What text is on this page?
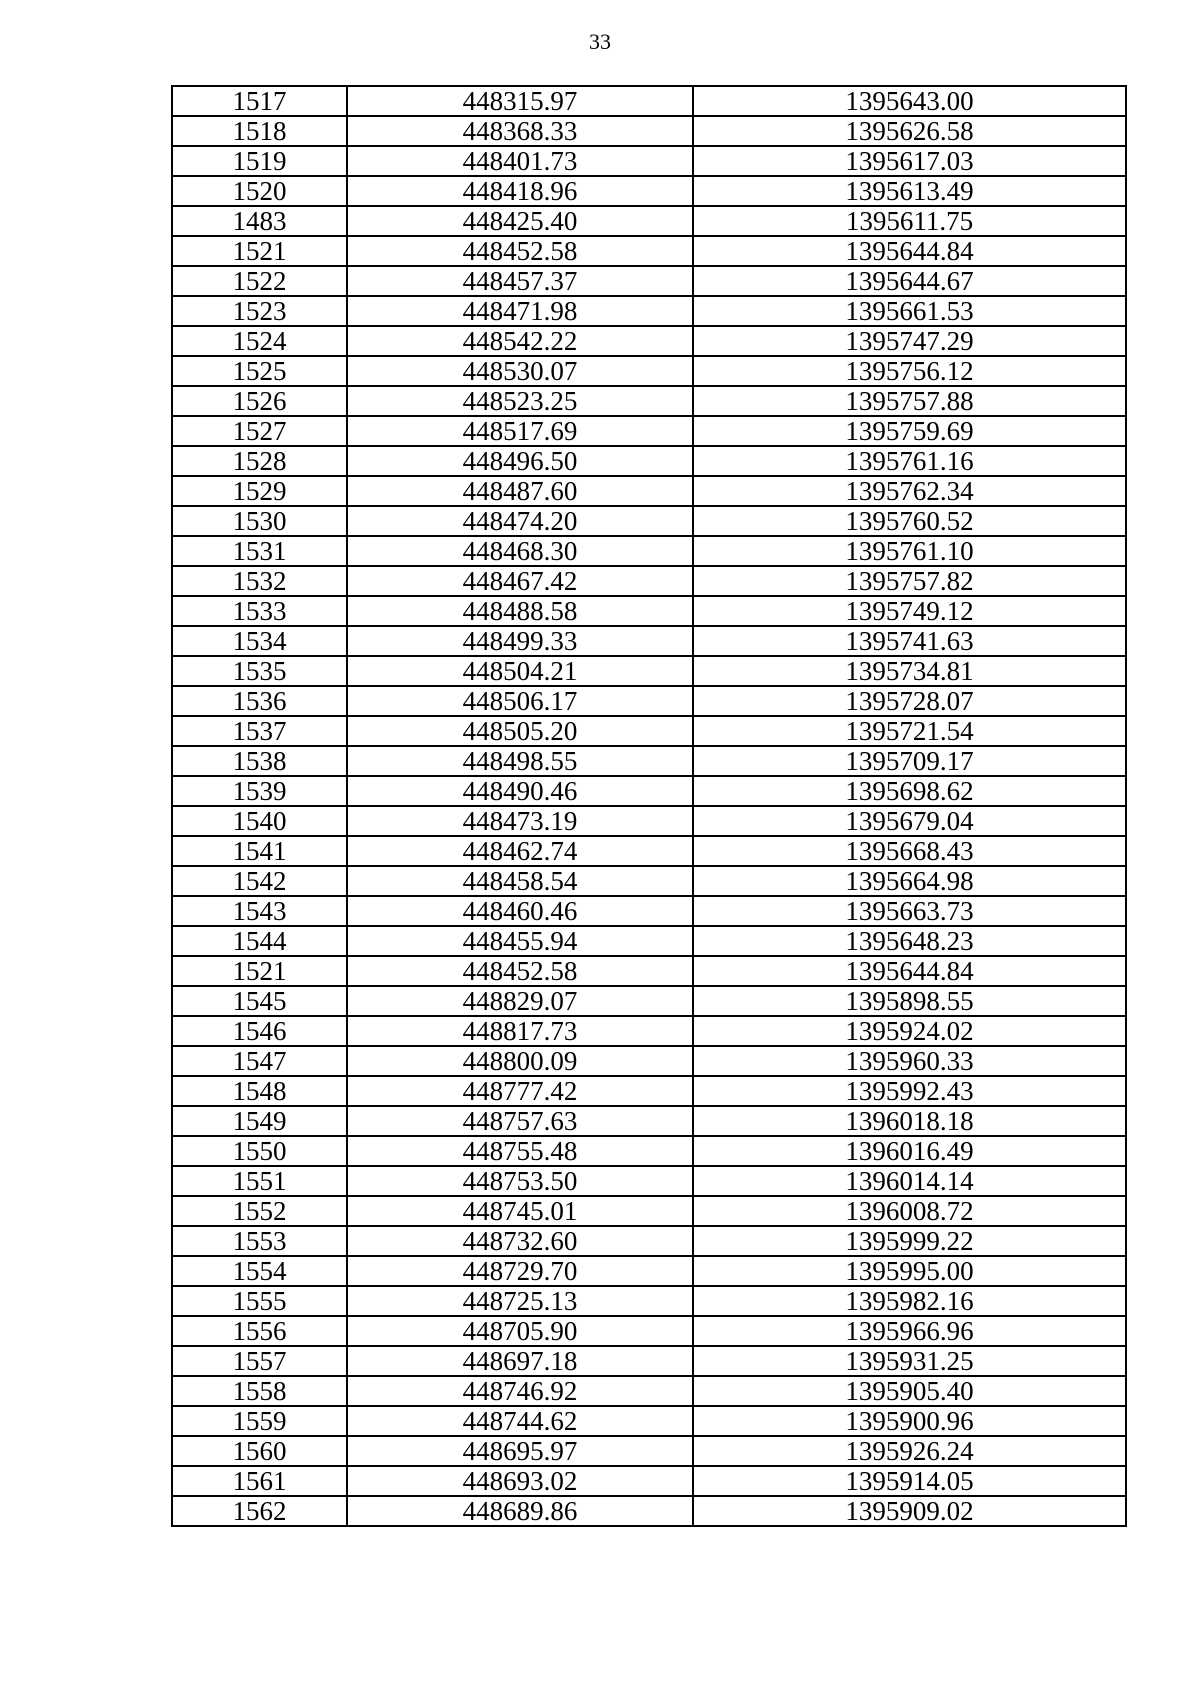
33
1517	448315.97	1395643.00
1518	448368.33	1395626.58
1519	448401.73	1395617.03
1520	448418.96	1395613.49
1483	448425.40	1395611.75
1521	448452.58	1395644.84
1522	448457.37	1395644.67
1523	448471.98	1395661.53
1524	448542.22	1395747.29
1525	448530.07	1395756.12
1526	448523.25	1395757.88
1527	448517.69	1395759.69
1528	448496.50	1395761.16
1529	448487.60	1395762.34
1530	448474.20	1395760.52
1531	448468.30	1395761.10
1532	448467.42	1395757.82
1533	448488.58	1395749.12
1534	448499.33	1395741.63
1535	448504.21	1395734.81
1536	448506.17	1395728.07
1537	448505.20	1395721.54
1538	448498.55	1395709.17
1539	448490.46	1395698.62
1540	448473.19	1395679.04
1541	448462.74	1395668.43
1542	448458.54	1395664.98
1543	448460.46	1395663.73
1544	448455.94	1395648.23
1521	448452.58	1395644.84
1545	448829.07	1395898.55
1546	448817.73	1395924.02
1547	448800.09	1395960.33
1548	448777.42	1395992.43
1549	448757.63	1396018.18
1550	448755.48	1396016.49
1551	448753.50	1396014.14
1552	448745.01	1396008.72
1553	448732.60	1395999.22
1554	448729.70	1395995.00
1555	448725.13	1395982.16
1556	448705.90	1395966.96
1557	448697.18	1395931.25
1558	448746.92	1395905.40
1559	448744.62	1395900.96
1560	448695.97	1395926.24
1561	448693.02	1395914.05
1562	448689.86	1395909.02
